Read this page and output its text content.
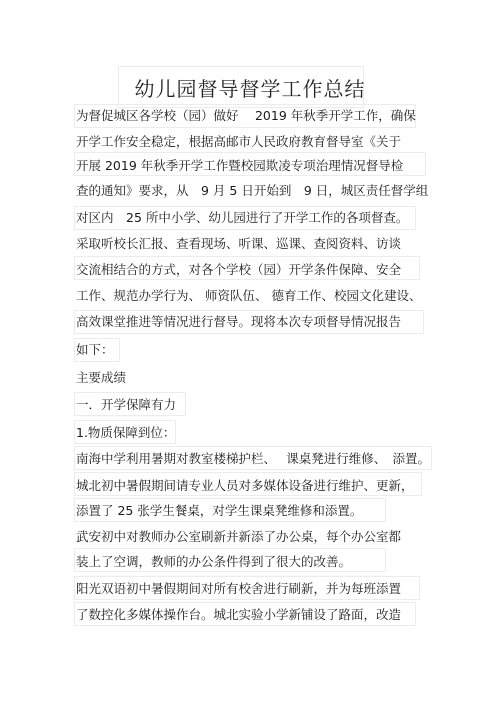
幼儿园督导督学工作总结
为督促城区各学校（园）做好　 2019 年秋季开学工作，确保
开学工作安全稳定，根据高邮市人民政府教育督导室《关于
开展 2019 年秋季开学工作暨校园欺凌专项治理情况督导检
查的通知》要求，从　9 月 5 日开始到　9 日，城区责任督学组
对区内　25 所中小学、幼儿园进行了开学工作的各项督查。
采取听校长汇报、查看现场、听课、巡课、查阅资料、访谈
交流相结合的方式，对各个学校（园）开学条件保障、安全
工作、规范办学行为、 师资队伍、 德育工作、校园文化建设、
高效课堂推进等情况进行督导。现将本次专项督导情况报告
如下：
主要成绩
一．开学保障有力
1.物质保障到位：
南海中学利用暑期对教室楼梯护栏、　 课桌凳进行维修、　添置。
城北初中暑假期间请专业人员对多媒体设备进行维护、更新，
添置了 25 张学生餐桌，对学生课桌凳维修和添置。
武安初中对教师办公室刷新并新添了办公桌，每个办公室都
装上了空调，教师的办公条件得到了很大的改善。
阳光双语初中暑假期间对所有校舍进行刷新，并为每班添置
了数控化多媒体操作台。城北实验小学新铺设了路面，改造
